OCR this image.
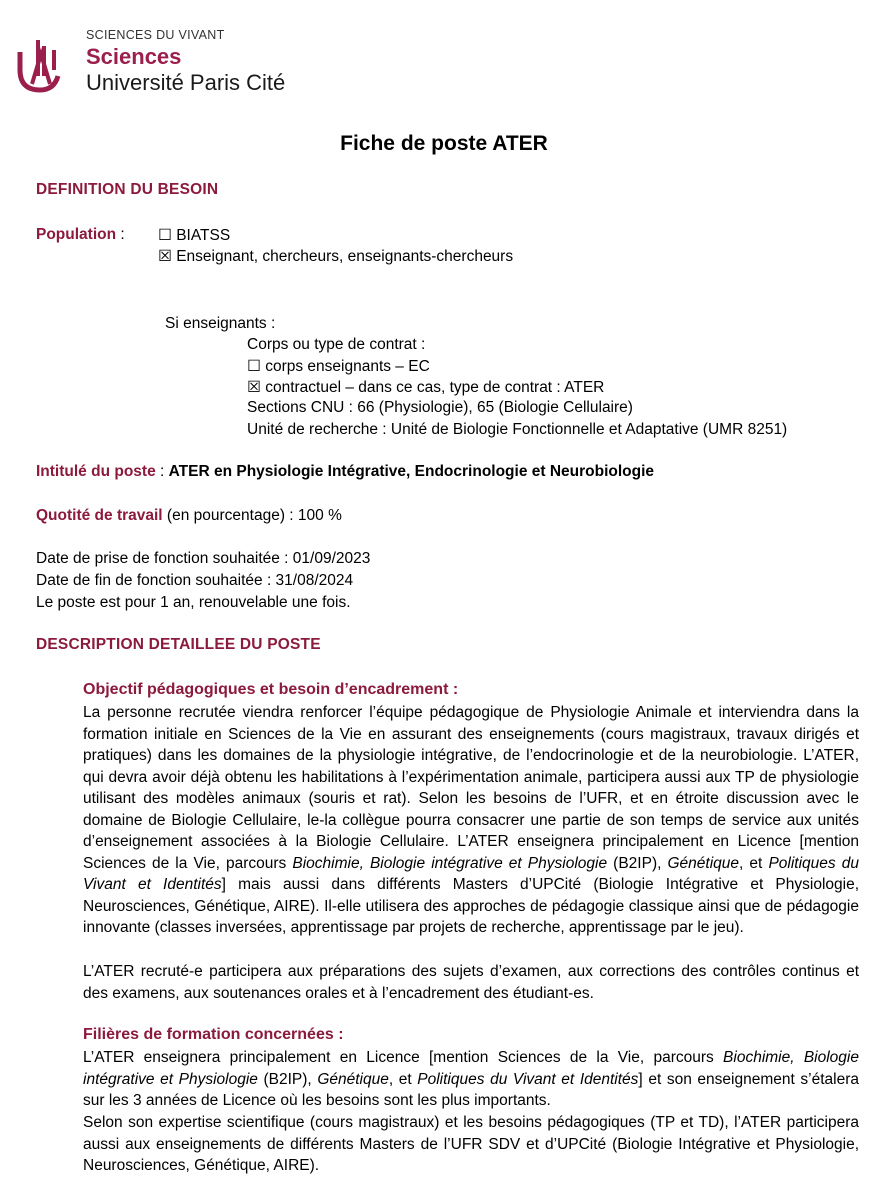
SCIENCES DU VIVANT
Sciences
Université Paris Cité
Fiche de poste ATER
DEFINITION DU BESOIN
Population : ☐ BIATSS
☒ Enseignant, chercheurs, enseignants-chercheurs
Si enseignants :
Corps ou type de contrat :
☐ corps enseignants – EC
☒ contractuel – dans ce cas, type de contrat : ATER
Sections CNU : 66 (Physiologie), 65 (Biologie Cellulaire)
Unité de recherche : Unité de Biologie Fonctionnelle et Adaptative (UMR 8251)
Intitulé du poste : ATER en Physiologie Intégrative, Endocrinologie et Neurobiologie
Quotité de travail (en pourcentage) : 100 %
Date de prise de fonction souhaitée : 01/09/2023
Date de fin de fonction souhaitée : 31/08/2024
Le poste est pour 1 an, renouvelable une fois.
DESCRIPTION DETAILLEE DU POSTE
Objectif pédagogiques et besoin d’encadrement :

La personne recrutée viendra renforcer l’équipe pédagogique de Physiologie Animale et interviendra dans la formation initiale en Sciences de la Vie en assurant des enseignements (cours magistraux, travaux dirigés et pratiques) dans les domaines de la physiologie intégrative, de l’endocrinologie et de la neurobiologie. L’ATER, qui devra avoir déjà obtenu les habilitations à l’expérimentation animale, participera aussi aux TP de physiologie utilisant des modèles animaux (souris et rat). Selon les besoins de l’UFR, et en étroite discussion avec le domaine de Biologie Cellulaire, le-la collègue pourra consacrer une partie de son temps de service aux unités d’enseignement associées à la Biologie Cellulaire. L’ATER enseignera principalement en Licence [mention Sciences de la Vie, parcours Biochimie, Biologie intégrative et Physiologie (B2IP), Génétique, et Politiques du Vivant et Identités] mais aussi dans différents Masters d’UPCité (Biologie Intégrative et Physiologie, Neurosciences, Génétique, AIRE). Il-elle utilisera des approches de pédagogie classique ainsi que de pédagogie innovante (classes inversées, apprentissage par projets de recherche, apprentissage par le jeu).

L’ATER recruté-e participera aux préparations des sujets d’examen, aux corrections des contrôles continus et des examens, aux soutenances orales et à l’encadrement des étudiant-es.

Filières de formation concernées :

L’ATER enseignera principalement en Licence [mention Sciences de la Vie, parcours Biochimie, Biologie intégrative et Physiologie (B2IP), Génétique, et Politiques du Vivant et Identités] et son enseignement s’étalera sur les 3 années de Licence où les besoins sont les plus importants.

Selon son expertise scientifique (cours magistraux) et les besoins pédagogiques (TP et TD), l’ATER participera aussi aux enseignements de différents Masters de l’UFR SDV et d’UPCité (Biologie Intégrative et Physiologie, Neurosciences, Génétique, AIRE).
